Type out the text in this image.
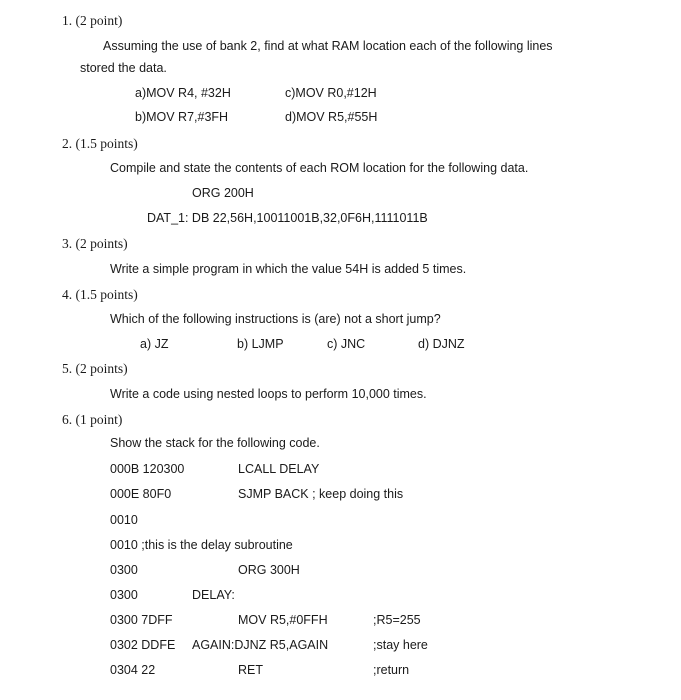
1. (2 point)
Assuming the use of bank 2, find at what RAM location each of the following lines
stored the data.
a)MOV R4, #32H	c)MOV R0,#12H
b)MOV R7,#3FH	d)MOV R5,#55H
2. (1.5 points)
Compile and state the contents of each ROM location for the following data.
ORG 200H
DAT_1: DB 22,56H,10011001B,32,0F6H,1111011B
3. (2 points)
Write a simple program in which the value 54H is added 5 times.
4. (1.5 points)
Which of the following instructions is (are) not a short jump?
a) JZ	b) LJMP	c) JNC	d) DJNZ
5. (2 points)
Write a code using nested loops to perform 10,000 times.
6. (1 point)
Show the stack for the following code.
000B 120300	LCALL DELAY
000E 80F0	SJMP BACK ; keep doing this
0010
0010 ;this is the delay subroutine
0300	ORG 300H
0300	DELAY:
0300 7DFF	MOV R5,#0FFH	;R5=255
0302 DDFE AGAIN:DJNZ R5,AGAIN	;stay here
0304 22	RET	;return
